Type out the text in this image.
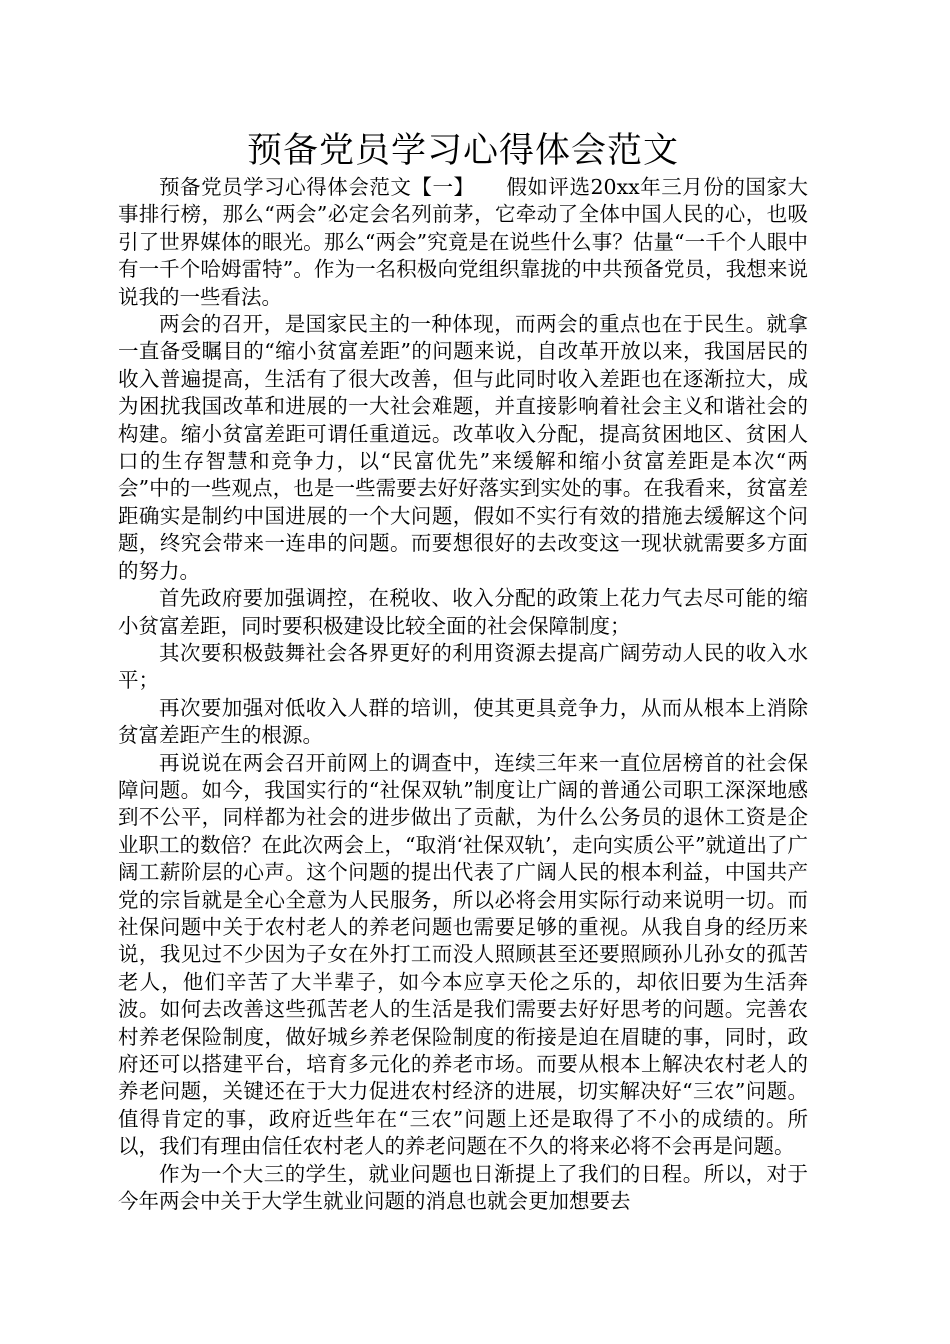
预备党员学习心得体会范文

预备党员学习心得体会范文【一】　　假如评选20xx年三月份的国家大事排行榜，那么“两会”必定会名列前茅，它牵动了全体中国人民的心，也吸引了世界媒体的眼光。那么“两会”究竟是在说些什么事？估量“一千个人眼中有一千个哈姆雷特”。作为一名积极向党组织靠拢的中共预备党员，我想来说说我的一些看法。

两会的召开，是国家民主的一种体现，而两会的重点也在于民生。就拿一直备受瞩目的“缩小贫富差距”的问题来说，自改革开放以来，我国居民的收入普遍提高，生活有了很大改善，但与此同时收入差距也在逐渐拉大，成为困扰我国改革和进展的一大社会难题，并直接影响着社会主义和谐社会的构建。缩小贫富差距可谓任重道远。改革收入分配，提高贫困地区、贫困人口的生存智慧和竞争力，以“民富优先”来缓解和缩小贫富差距是本次“两会”中的一些观点，也是一些需要去好好落实到实处的事。在我看来，贫富差距确实是制约中国进展的一个大问题，假如不实行有效的措施去缓解这个问题，终究会带来一连串的问题。而要想很好的去改变这一现状就需要多方面的努力。

首先政府要加强调控，在税收、收入分配的政策上花力气去尽可能的缩小贫富差距，同时要积极建设比较全面的社会保障制度；

其次要积极鼓舞社会各界更好的利用资源去提高广阔劳动人民的收入水平；

再次要加强对低收入人群的培训，使其更具竞争力，从而从根本上消除贫富差距产生的根源。

再说说在两会召开前网上的调查中，连续三年来一直位居榜首的社会保障问题。如今，我国实行的“社保双轨”制度让广阔的普通公司职工深深地感到不公平，同样都为社会的进步做出了贡献，为什么公务员的退休工资是企业职工的数倍？在此次两会上，“取消‘社保双轨’，走向实质公平”就道出了广阔工薪阶层的心声。这个问题的提出代表了广阔人民的根本利益，中国共产党的宗旨就是全心全意为人民服务，所以必将会用实际行动来说明一切。而社保问题中关于农村老人的养老问题也需要足够的重视。从我自身的经历来说，我见过不少因为子女在外打工而没人照顾甚至还要照顾孙儿孙女的孤苦老人，他们辛苦了大半辈子，如今本应享天伦之乐的，却依旧要为生活奔波。如何去改善这些孤苦老人的生活是我们需要去好好思考的问题。完善农村养老保险制度，做好城乡养老保险制度的衔接是迫在眉睫的事，同时，政府还可以搭建平台，培育多元化的养老市场。而要从根本上解决农村老人的养老问题，关键还在于大力促进农村经济的进展，切实解决好“三农”问题。值得肯定的事，政府近些年在“三农”问题上还是取得了不小的成绩的。所以，我们有理由信任农村老人的养老问题在不久的将来必将不会再是问题。

作为一个大三的学生，就业问题也日渐提上了我们的日程。所以，对于今年两会中关于大学生就业问题的消息也就会更加想要去
